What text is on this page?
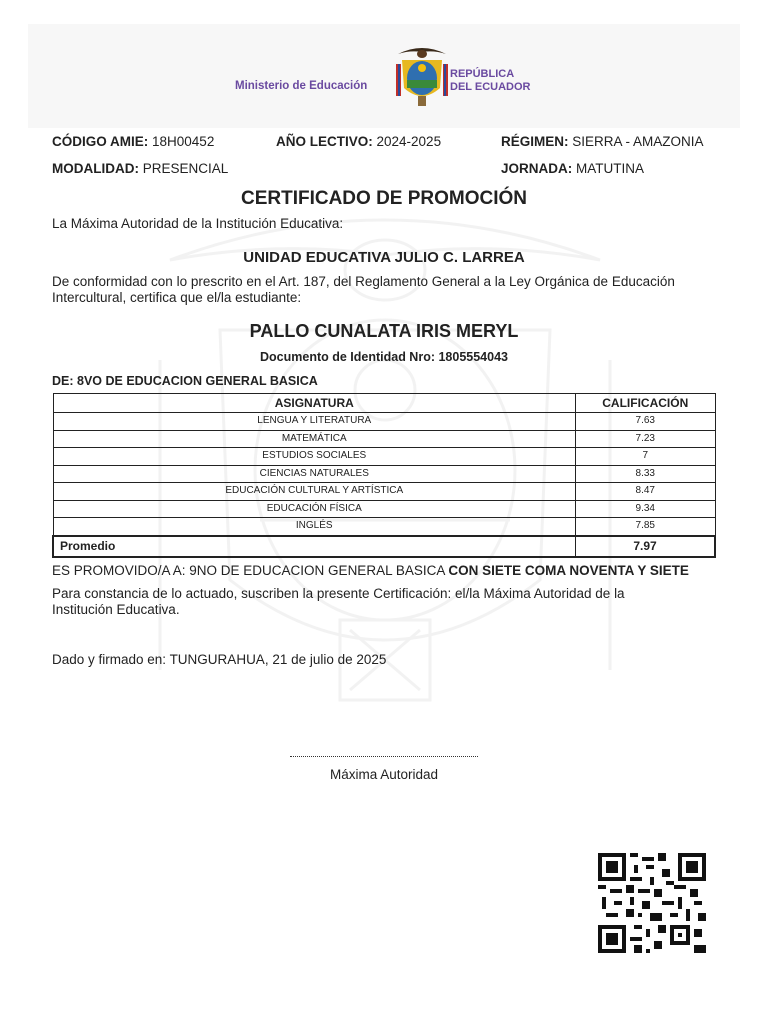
Ministerio de Educación
REPÚBLICA
DEL ECUADOR
CÓDIGO AMIE: 18H00452	AÑO LECTIVO: 2024-2025	RÉGIMEN: SIERRA - AMAZONIA
MODALIDAD: PRESENCIAL	JORNADA: MATUTINA
CERTIFICADO DE PROMOCIÓN
La Máxima Autoridad de la Institución Educativa:
UNIDAD EDUCATIVA JULIO C. LARREA
De conformidad con lo prescrito en el Art. 187, del Reglamento General a la Ley Orgánica de Educación
Intercultural, certifica que el/la estudiante:
PALLO CUNALATA IRIS MERYL
Documento de Identidad Nro: 1805554043
DE: 8VO DE EDUCACION GENERAL BASICA
ASIGNATURA	CALIFICACIÓN
LENGUA Y LITERATURA	7.63
MATEMÁTICA	7.23
ESTUDIOS SOCIALES	7
CIENCIAS NATURALES	8.33
EDUCACIÓN CULTURAL Y ARTÍSTICA	8.47
EDUCACIÓN FÍSICA	9.34
INGLÉS	7.85
Promedio	7.97
ES PROMOVIDO/A A: 9NO DE EDUCACION GENERAL BASICA CON SIETE COMA NOVENTA Y SIETE
Para constancia de lo actuado, suscriben la presente Certificación: el/la Máxima Autoridad de la
Institución Educativa.
Dado y firmado en: TUNGURAHUA, 21 de julio de 2025
Máxima Autoridad
